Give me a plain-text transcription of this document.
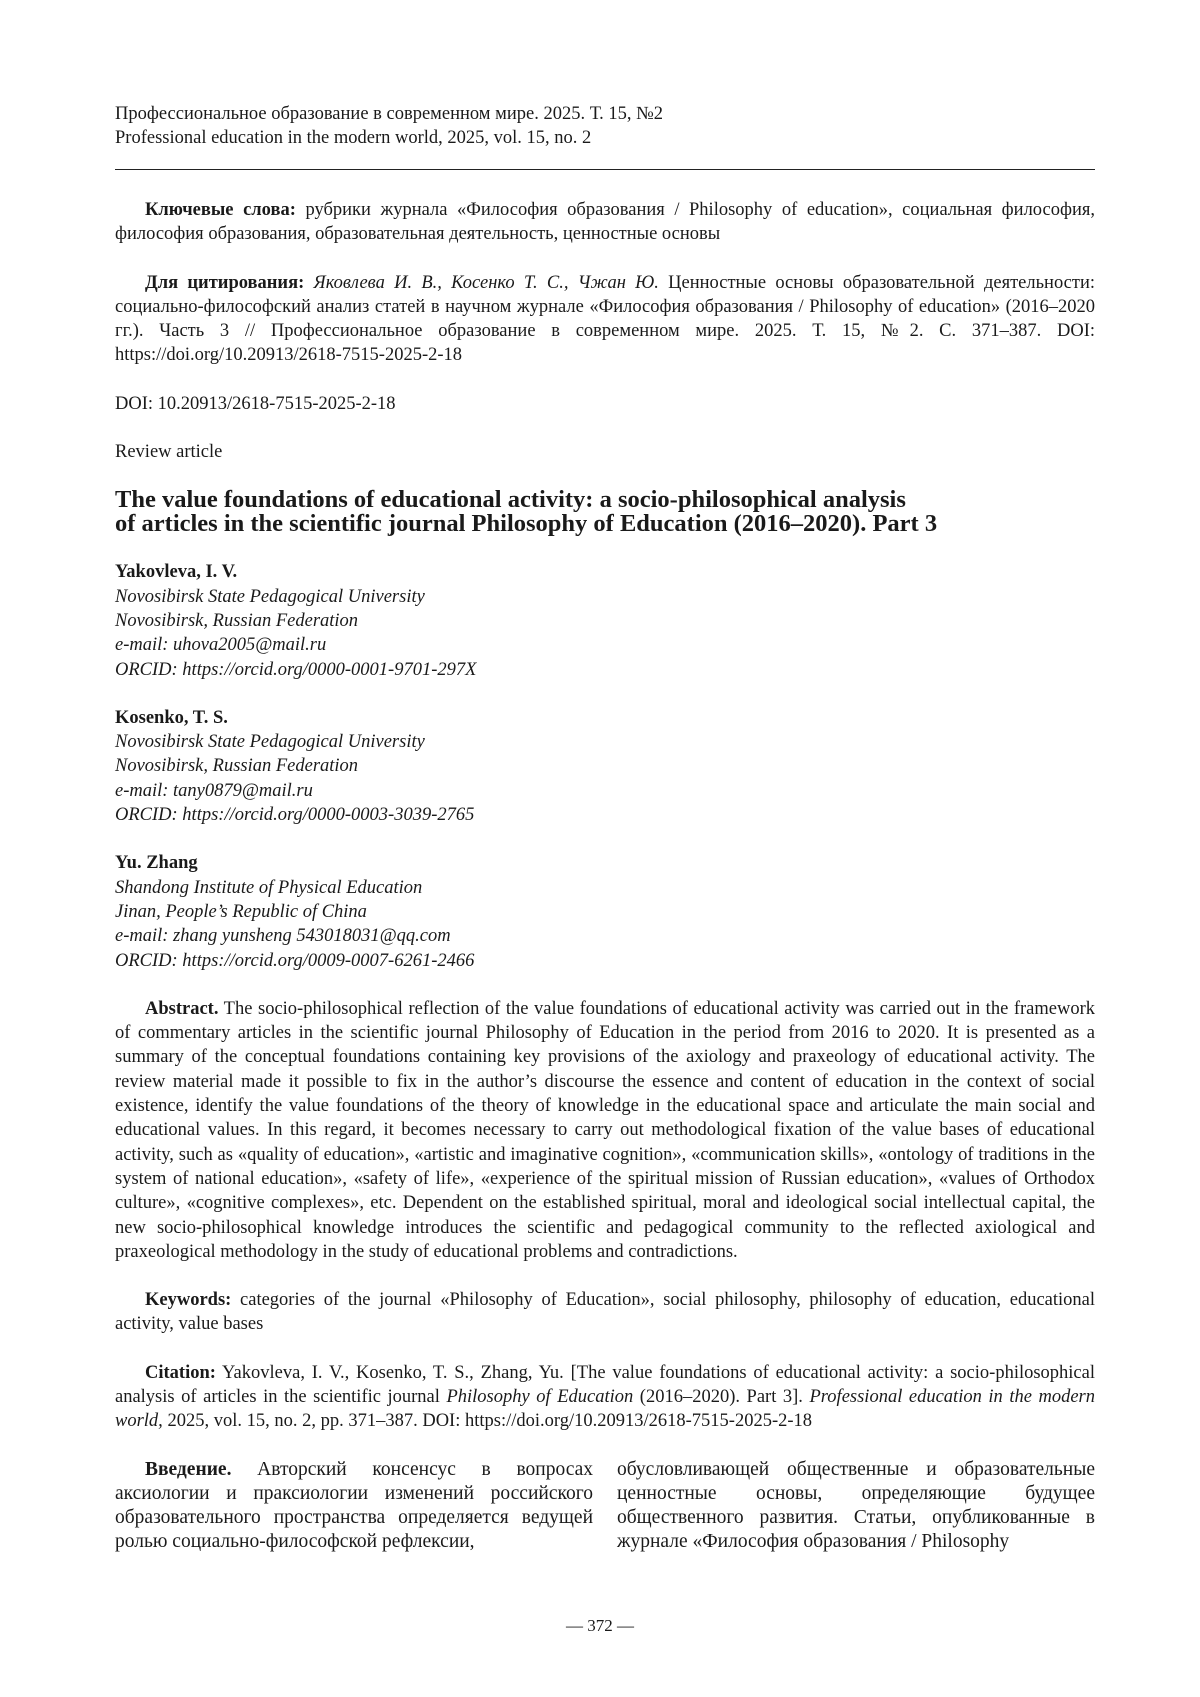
Профессиональное образование в современном мире. 2025. Т. 15, №2
Professional education in the modern world, 2025, vol. 15, no. 2

Ключевые слова: рубрики журнала «Философия образования / Philosophy of education», социальная философия, философия образования, образовательная деятельность, ценностные основы

Для цитирования: Яковлева И. В., Косенко Т. С., Чжан Ю. Ценностные основы образовательной деятельности: социально-философский анализ статей в научном журнале «Философия образования / Philosophy of education» (2016–2020 гг.). Часть 3 // Профессиональное образование в современном мире. 2025. Т. 15, №2. С. 371–387. DOI: https://doi.org/10.20913/2618-7515-2025-2-18

DOI: 10.20913/2618-7515-2025-2-18

Review article

The value foundations of educational activity: a socio-philosophical analysis
of articles in the scientific journal Philosophy of Education (2016–2020). Part 3
Yakovleva, I. V.
Novosibirsk State Pedagogical University
Novosibirsk, Russian Federation
e-mail: uhova2005@mail.ru
ORCID: https://orcid.org/0000-0001-9701-297X
Kosenko, T. S.
Novosibirsk State Pedagogical University
Novosibirsk, Russian Federation
e-mail: tany0879@mail.ru
ORCID: https://orcid.org/0000-0003-3039-2765
Yu. Zhang
Shandong Institute of Physical Education
Jinan, People’s Republic of China
e-mail: zhang yunsheng 543018031@qq.com
ORCID: https://orcid.org/0009-0007-6261-2466

Abstract. The socio-philosophical reflection of the value foundations of educational activity was carried out in the framework of commentary articles in the scientific journal Philosophy of Education in the period from 2016 to 2020. It is presented as a summary of the conceptual foundations containing key provisions of the axiology and praxeology of educational activity. The review material made it possible to fix in the author’s discourse the essence and content of education in the context of social existence, identify the value foundations of the theory of knowledge in the educational space and articulate the main social and educational values. In this regard, it becomes necessary to carry out methodological fixation of the value bases of educational activity, such as «quality of education», «artistic and imaginative cognition», «communication skills», «ontology of traditions in the system of national education», «safety of life», «experience of the spiritual mission of Russian education», «values of Orthodox culture», «cognitive complexes», etc. Dependent on the established spiritual, moral and ideological social intellectual capital, the new socio-philosophical knowledge introduces the scientific and pedagogical community to the reflected axiological and praxeological methodology in the study of educational problems and contradictions.

Keywords: categories of the journal «Philosophy of Education», social philosophy, philosophy of education, educational activity, value bases

Citation: Yakovleva, I. V., Kosenko, T. S., Zhang, Yu. [The value foundations of educational activity: a socio-philosophical analysis of articles in the scientific journal Philosophy of Education (2016–2020). Part 3]. Professional education in the modern world, 2025, vol. 15, no. 2, pp. 371–387. DOI: https://doi.org/10.20913/2618-7515-2025-2-18

Введение. Авторский консенсус в вопросах аксиологии и праксиологии изменений российского образовательного пространства определяется ведущей ролью социально-философской рефлексии,

обусловливающей общественные и образовательные ценностные основы, определяющие будущее общественного развития. Статьи, опубликованные в журнале «Философия образования / Philosophy

— 372 —
